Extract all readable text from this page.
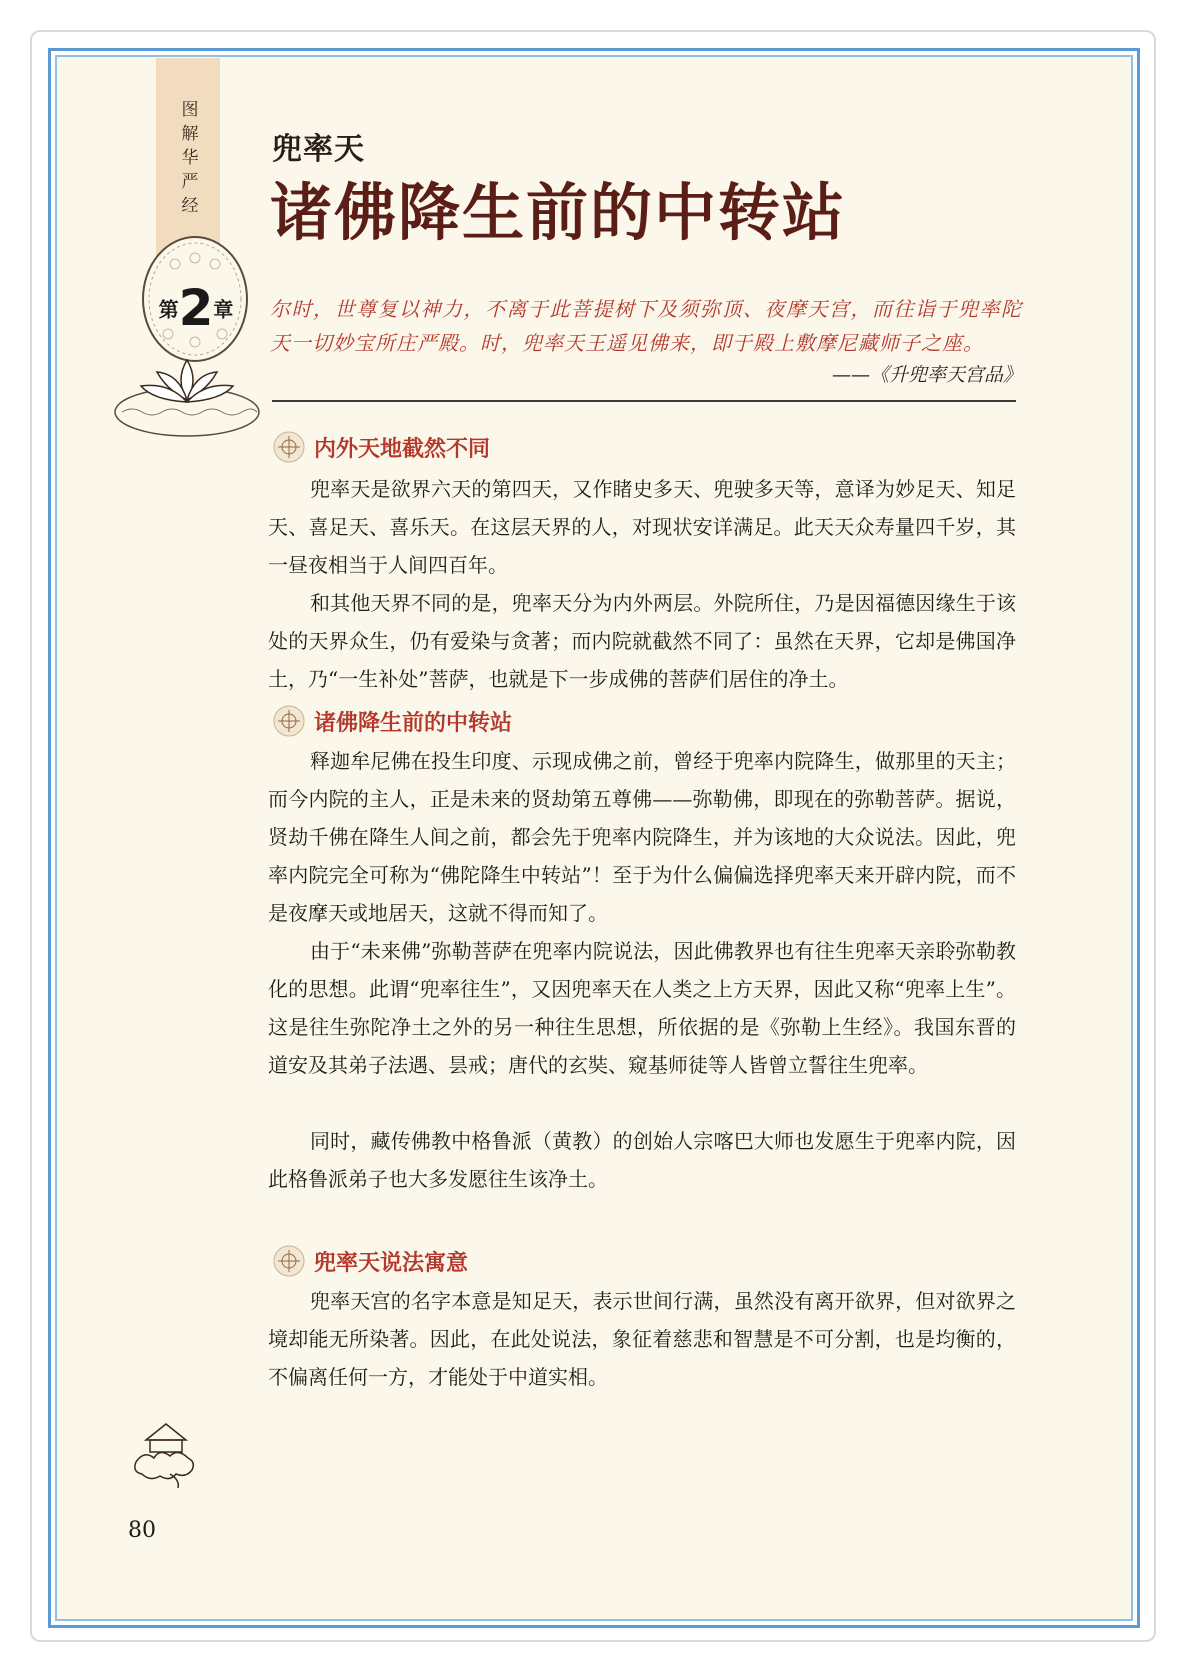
图解华严经
第2章
兜率天
诸佛降生前的中转站
尔时，世尊复以神力，不离于此菩提树下及须弥顶、夜摩天宫，而往诣于兜率陀天一切妙宝所庄严殿。时，兜率天王遥见佛来，即于殿上敷摩尼藏师子之座。
——《升兜率天宫品》
内外天地截然不同
兜率天是欲界六天的第四天，又作睹史多天、兜驶多天等，意译为妙足天、知足天、喜足天、喜乐天。在这层天界的人，对现状安详满足。此天天众寿量四千岁，其一昼夜相当于人间四百年。
和其他天界不同的是，兜率天分为内外两层。外院所住，乃是因福德因缘生于该处的天界众生，仍有爱染与贪著；而内院就截然不同了：虽然在天界，它却是佛国净土，乃“一生补处”菩萨，也就是下一步成佛的菩萨们居住的净土。
诸佛降生前的中转站
释迦牟尼佛在投生印度、示现成佛之前，曾经于兜率内院降生，做那里的天主；而今内院的主人，正是未来的贤劫第五尊佛——弥勒佛，即现在的弥勒菩萨。据说，贤劫千佛在降生人间之前，都会先于兜率内院降生，并为该地的大众说法。因此，兜率内院完全可称为“佛陀降生中转站”！至于为什么偏偏选择兜率天来开辟内院，而不是夜摩天或地居天，这就不得而知了。
由于“未来佛”弥勒菩萨在兜率内院说法，因此佛教界也有往生兜率天亲聆弥勒教化的思想。此谓“兜率往生”，又因兜率天在人类之上方天界，因此又称“兜率上生”。这是往生弥陀净土之外的另一种往生思想，所依据的是《弥勒上生经》。我国东晋的道安及其弟子法遇、昙戒；唐代的玄奘、窥基师徒等人皆曾立誓往生兜率。
同时，藏传佛教中格鲁派（黄教）的创始人宗喀巴大师也发愿生于兜率内院，因此格鲁派弟子也大多发愿往生该净土。
兜率天说法寓意
兜率天宫的名字本意是知足天，表示世间行满，虽然没有离开欲界，但对欲界之境却能无所染著。因此，在此处说法，象征着慈悲和智慧是不可分割，也是均衡的，不偏离任何一方，才能处于中道实相。
80
